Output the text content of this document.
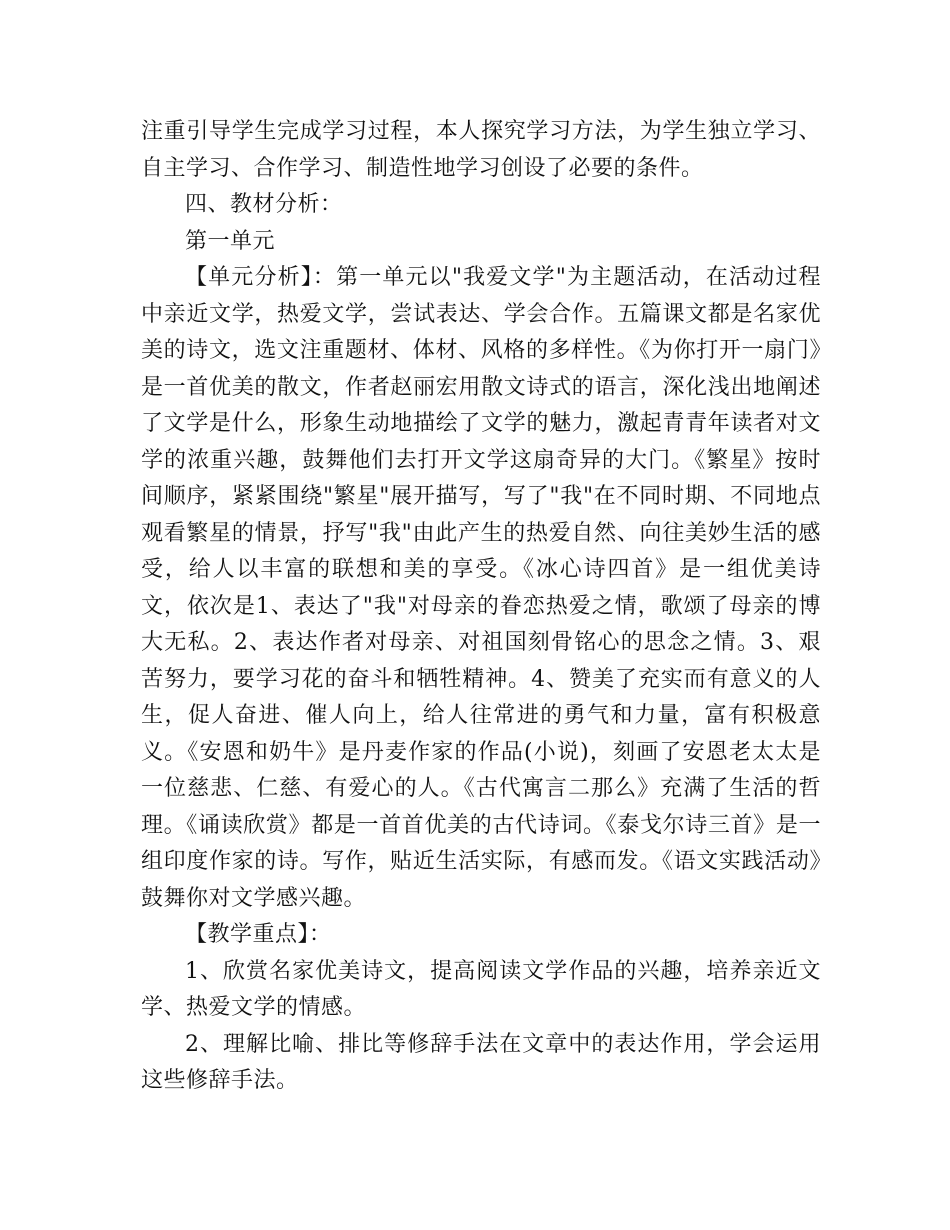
注重引导学生完成学习过程，本人探究学习方法，为学生独立学习、自主学习、合作学习、制造性地学习创设了必要的条件。

四、教材分析：

第一单元

【单元分析】：第一单元以"我爱文学"为主题活动，在活动过程中亲近文学，热爱文学，尝试表达、学会合作。五篇课文都是名家优美的诗文，选文注重题材、体材、风格的多样性。《为你打开一扇门》是一首优美的散文，作者赵丽宏用散文诗式的语言，深化浅出地阐述了文学是什么，形象生动地描绘了文学的魅力，激起青青年读者对文学的浓重兴趣，鼓舞他们去打开文学这扇奇异的大门。《繁星》按时间顺序，紧紧围绕"繁星"展开描写，写了"我"在不同时期、不同地点观看繁星的情景，抒写"我"由此产生的热爱自然、向往美妙生活的感受，给人以丰富的联想和美的享受。《冰心诗四首》是一组优美诗文，依次是1、表达了"我"对母亲的眷恋热爱之情，歌颂了母亲的博大无私。2、表达作者对母亲、对祖国刻骨铭心的思念之情。3、艰苦努力，要学习花的奋斗和牺牲精神。4、赞美了充实而有意义的人生，促人奋进、催人向上，给人往常进的勇气和力量，富有积极意义。《安恩和奶牛》是丹麦作家的作品(小说)，刻画了安恩老太太是一位慈悲、仁慈、有爱心的人。《古代寓言二那么》充满了生活的哲理。《诵读欣赏》都是一首首优美的古代诗词。《泰戈尔诗三首》是一组印度作家的诗。写作，贴近生活实际，有感而发。《语文实践活动》鼓舞你对文学感兴趣。

【教学重点】：

1、欣赏名家优美诗文，提高阅读文学作品的兴趣，培养亲近文学、热爱文学的情感。

2、理解比喻、排比等修辞手法在文章中的表达作用，学会运用这些修辞手法。
